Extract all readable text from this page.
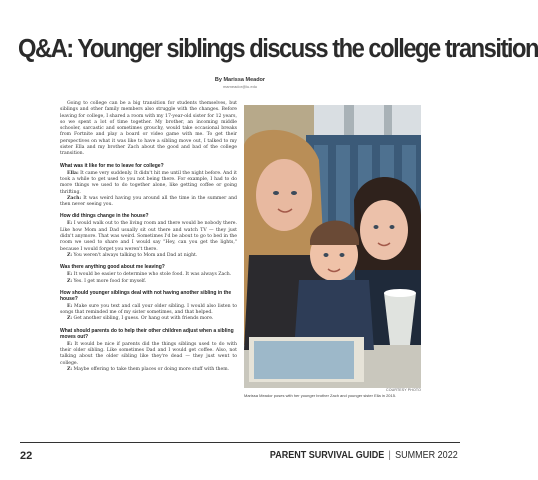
Q&A: Younger siblings discuss the college transition
By Marissa Meador
mameador@iu.edu

Going to college can be a big transition for students themselves, but siblings and other family members also struggle with the changes. Before leaving for college, I shared a room with my 17-year-old sister for 12 years, so we spent a lot of time together. My brother, an incoming middle schooler, sarcastic and sometimes grouchy, would take occasional breaks from Fortnite and play a board or video game with me. To get their perspectives on what it was like to have a sibling move out, I talked to my sister Ella and my brother Zach about the good and bad of the college transition.

What was it like for me to leave for college?

Ella: It came very suddenly. It didn't hit me until the night before. And it took a while to get used to you not being there. For example, I had to do more things we used to do together alone, like getting coffee or going thrifting.

Zach: It was weird having you around all the time in the summer and then never seeing you.

How did things change in the house?

E: I would walk out to the living room and there would be nobody there. Like how Mom and Dad usually sit out there and watch TV — they just didn't anymore. That was weird. Sometimes I'd be about to go to bed in the room we used to share and I would say "Hey, can you get the lights," because I would forget you weren't there.

Z: You weren't always talking to Mom and Dad at night.

Was there anything good about me leaving?

E: It would be easier to determine who stole food. It was always Zach.

Z: Yes. I get more food for myself.

How should younger siblings deal with not having another sibling in the house?

E: Make sure you text and call your older sibling. I would also listen to songs that reminded me of my sister sometimes, and that helped.

Z: Get another sibling, I guess. Or hang out with friends more.

What should parents do to help their other children adjust when a sibling moves out?

E: It would be nice if parents did the things siblings used to do with their older sibling. Like sometimes Dad and I would get coffee. Also, not talking about the older sibling like they're dead — they just went to college.

Z: Maybe offering to take them places or doing more stuff with them.

COURTESY PHOTO
Marissa Meador poses with her younger brother Zach and younger sister Ella in 2015.
22	PARENT SURVIVAL GUIDE | SUMMER 2022
